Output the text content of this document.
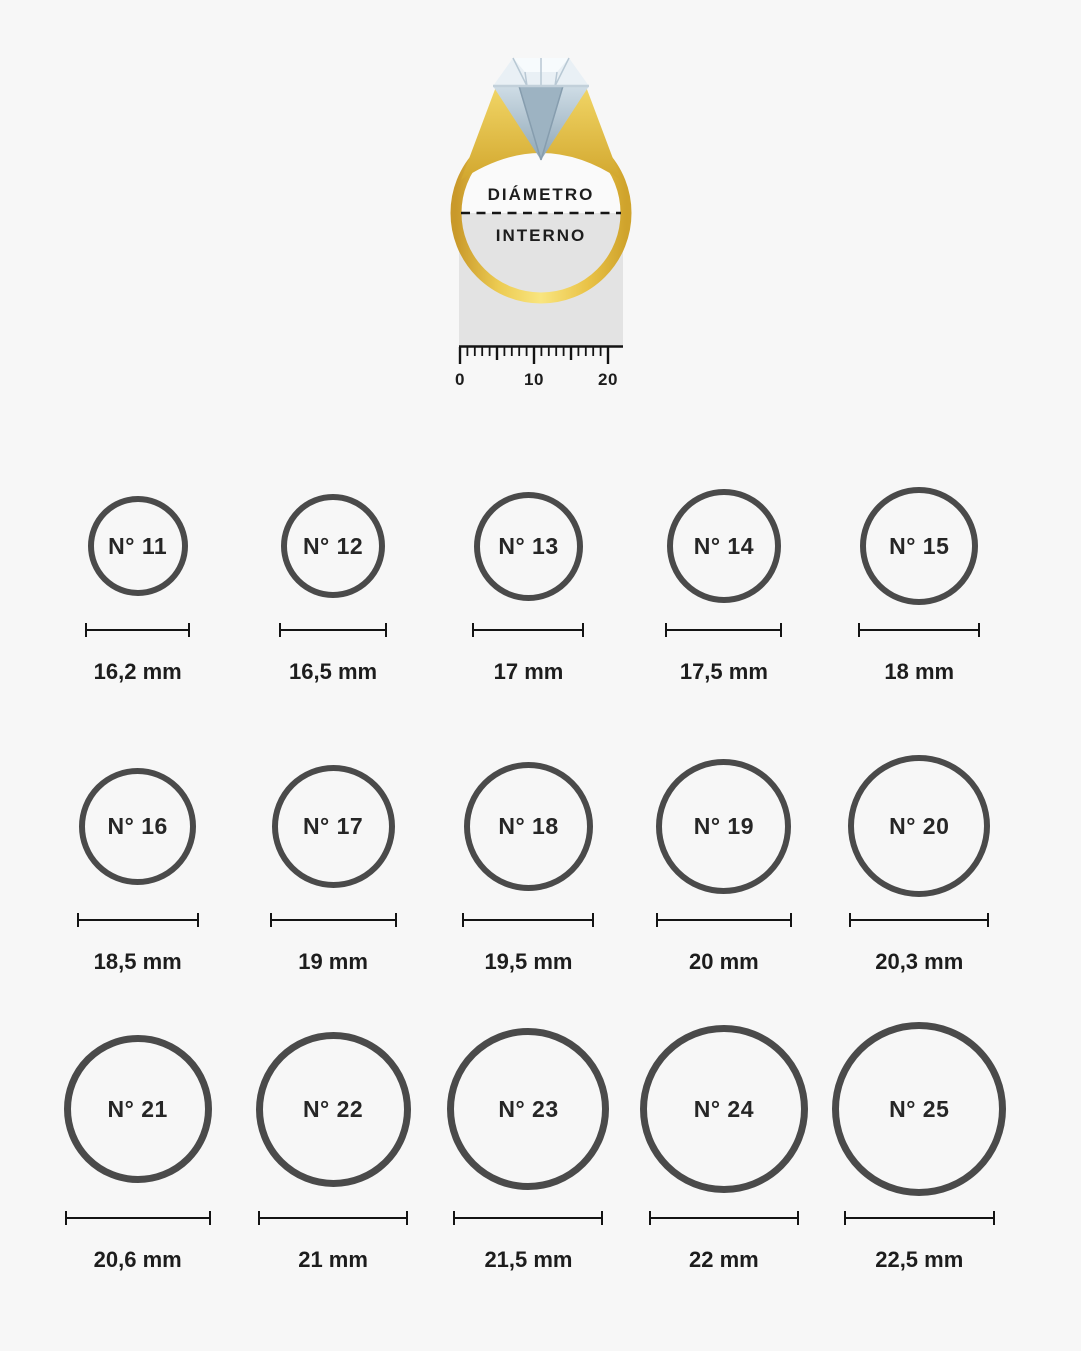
DIÁMETRO
INTERNO
0	10	20
N° 11
16,2 mm
N° 12
16,5 mm
N° 13
17 mm
N° 14
17,5 mm
N° 15
18 mm
N° 16
18,5 mm
N° 17
19 mm
N° 18
19,5 mm
N° 19
20 mm
N° 20
20,3 mm
N° 21
20,6 mm
N° 22
21 mm
N° 23
21,5 mm
N° 24
22 mm
N° 25
22,5 mm
